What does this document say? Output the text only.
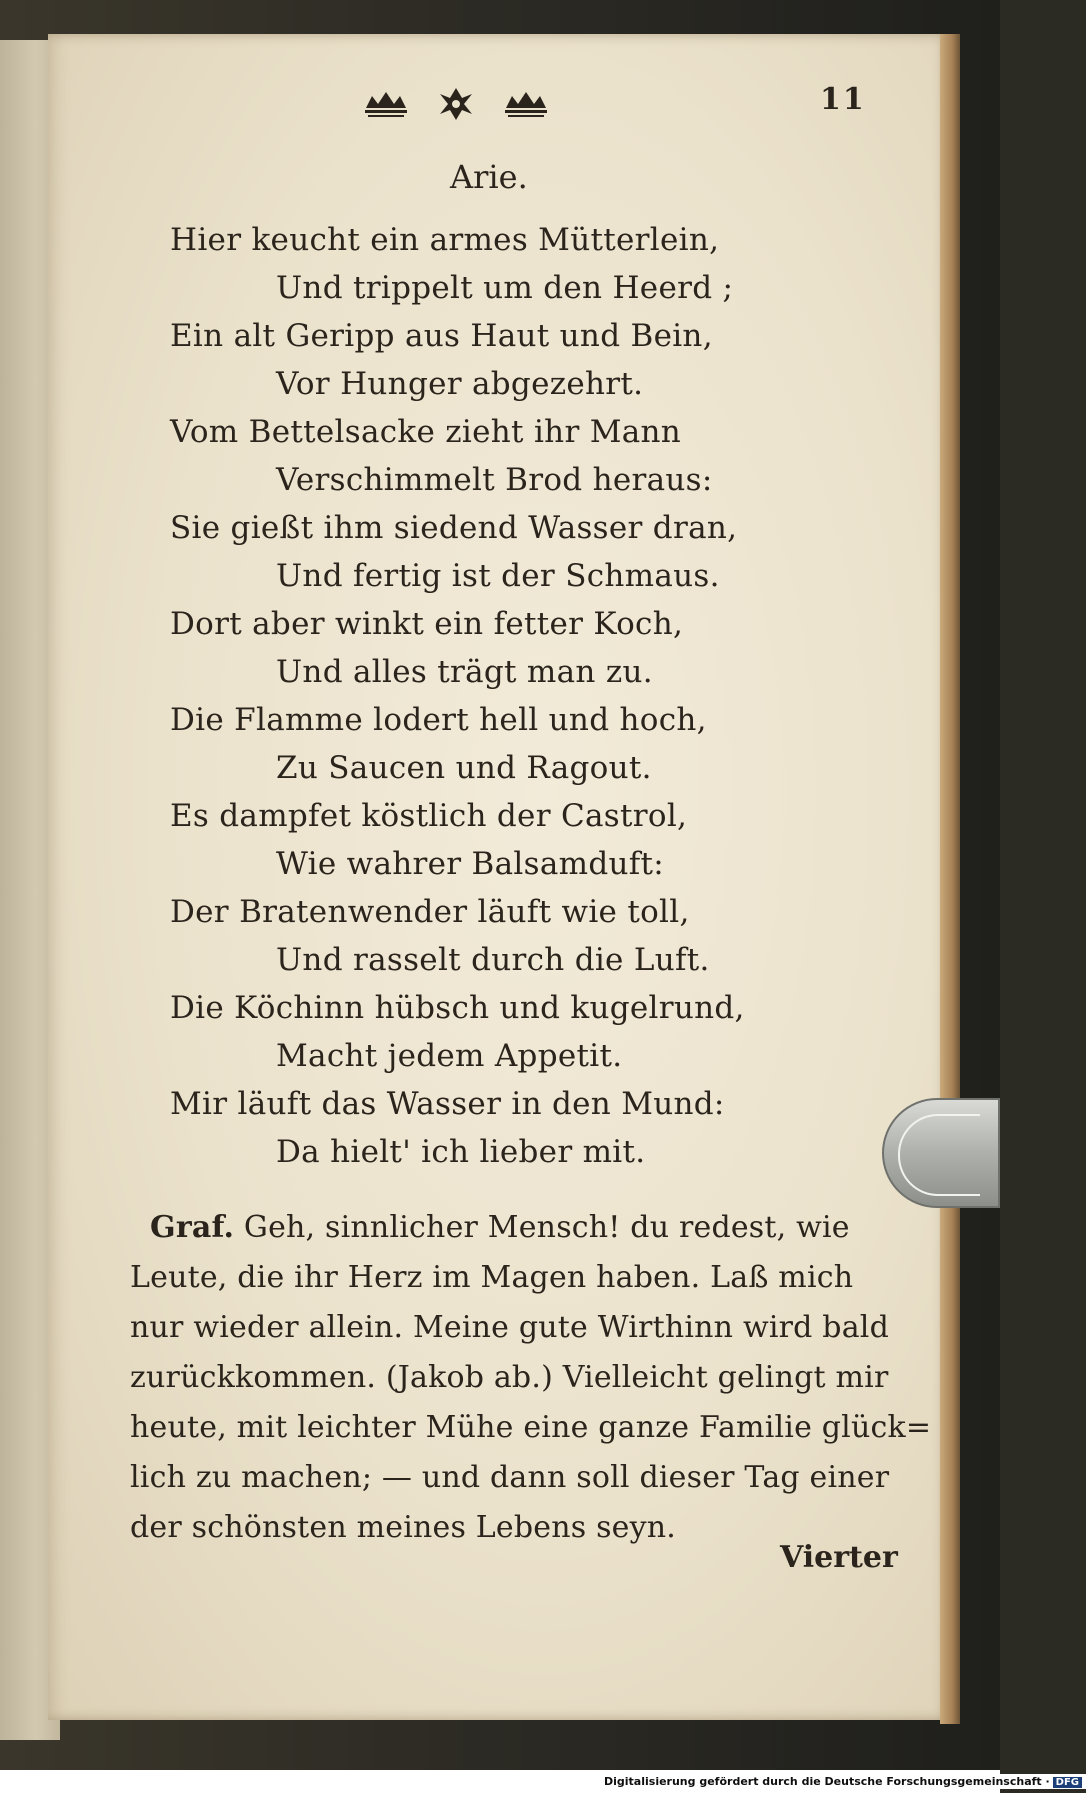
11
Arie.
Hier keucht ein armes Mütterlein,
Und trippelt um den Heerd ;
Ein alt Geripp aus Haut und Bein,
Vor Hunger abgezehrt.
Vom Bettelsacke zieht ihr Mann
Verschimmelt Brod heraus:
Sie gießt ihm siedend Wasser dran,
Und fertig ist der Schmaus.
Dort aber winkt ein fetter Koch,
Und alles trägt man zu.
Die Flamme lodert hell und hoch,
Zu Saucen und Ragout.
Es dampfet köstlich der Castrol,
Wie wahrer Balsamduft:
Der Bratenwender läuft wie toll,
Und rasselt durch die Luft.
Die Köchinn hübsch und kugelrund,
Macht jedem Appetit.
Mir läuft das Wasser in den Mund:
Da hielt' ich lieber mit.
Graf. Geh, sinnlicher Mensch! du redest, wie
Leute, die ihr Herz im Magen haben. Laß mich
nur wieder allein. Meine gute Wirthinn wird bald
zurückkommen. (Jakob ab.) Vielleicht gelingt mir
heute, mit leichter Mühe eine ganze Familie glück=
lich zu machen; — und dann soll dieser Tag einer
der schönsten meines Lebens seyn.
Vierter
Digitalisierung gefördert durch die Deutsche Forschungsgemeinschaft · DFG
